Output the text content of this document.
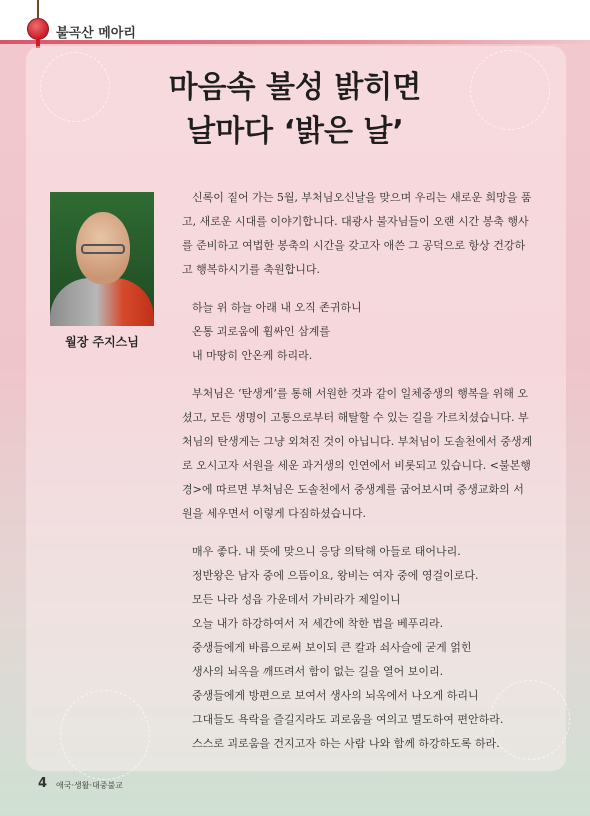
불곡산 메아리
마음속 불성 밝히면
날마다 ‘밝은 날’
월장 주지스님
신록이 짙어 가는 5월, 부처님오신날을 맞으며 우리는 새로운 희망을 품
고, 새로운 시대를 이야기합니다. 대광사 불자님들이 오랜 시간 봉축 행사
를 준비하고 여법한 봉축의 시간을 갖고자 애쓴 그 공덕으로 항상 건강하
고 행복하시기를 축원합니다.
하늘 위 하늘 아래 내 오직 존귀하니
온통 괴로움에 휩싸인 삼계를
내 마땅히 안온케 하리라.
부처님은 ‘탄생게’를 통해 서원한 것과 같이 일체중생의 행복을 위해 오
셨고, 모든 생명이 고통으로부터 해탈할 수 있는 길을 가르치셨습니다. 부
처님의 탄생게는 그냥 외쳐진 것이 아닙니다. 부처님이 도솔천에서 중생계
로 오시고자 서원을 세운 과거생의 인연에서 비롯되고 있습니다. <불본행
경>에 따르면 부처님은 도솔천에서 중생계를 굽어보시며 중생교화의 서
원을 세우면서 이렇게 다짐하셨습니다.
매우 좋다. 내 뜻에 맞으니 응당 의탁해 아들로 태어나리.
정반왕은 남자 중에 으뜸이요, 왕비는 여자 중에 영걸이로다.
모든 나라 성읍 가운데서 가비라가 제일이니
오늘 내가 하강하여서 저 세간에 착한 법을 베푸리라.
중생들에게 바름으로써 보이되 큰 칼과 쇠사슬에 굳게 얽힌
생사의 뇌옥을 깨뜨려서 함이 없는 길을 열어 보이리.
중생들에게 방편으로 보여서 생사의 뇌옥에서 나오게 하리니
그대들도 욕락을 즐길지라도 괴로움을 여의고 멸도하여 편안하라.
스스로 괴로움을 건지고자 하는 사람 나와 함께 하강하도록 하라.
4 애국·생활·대중불교
